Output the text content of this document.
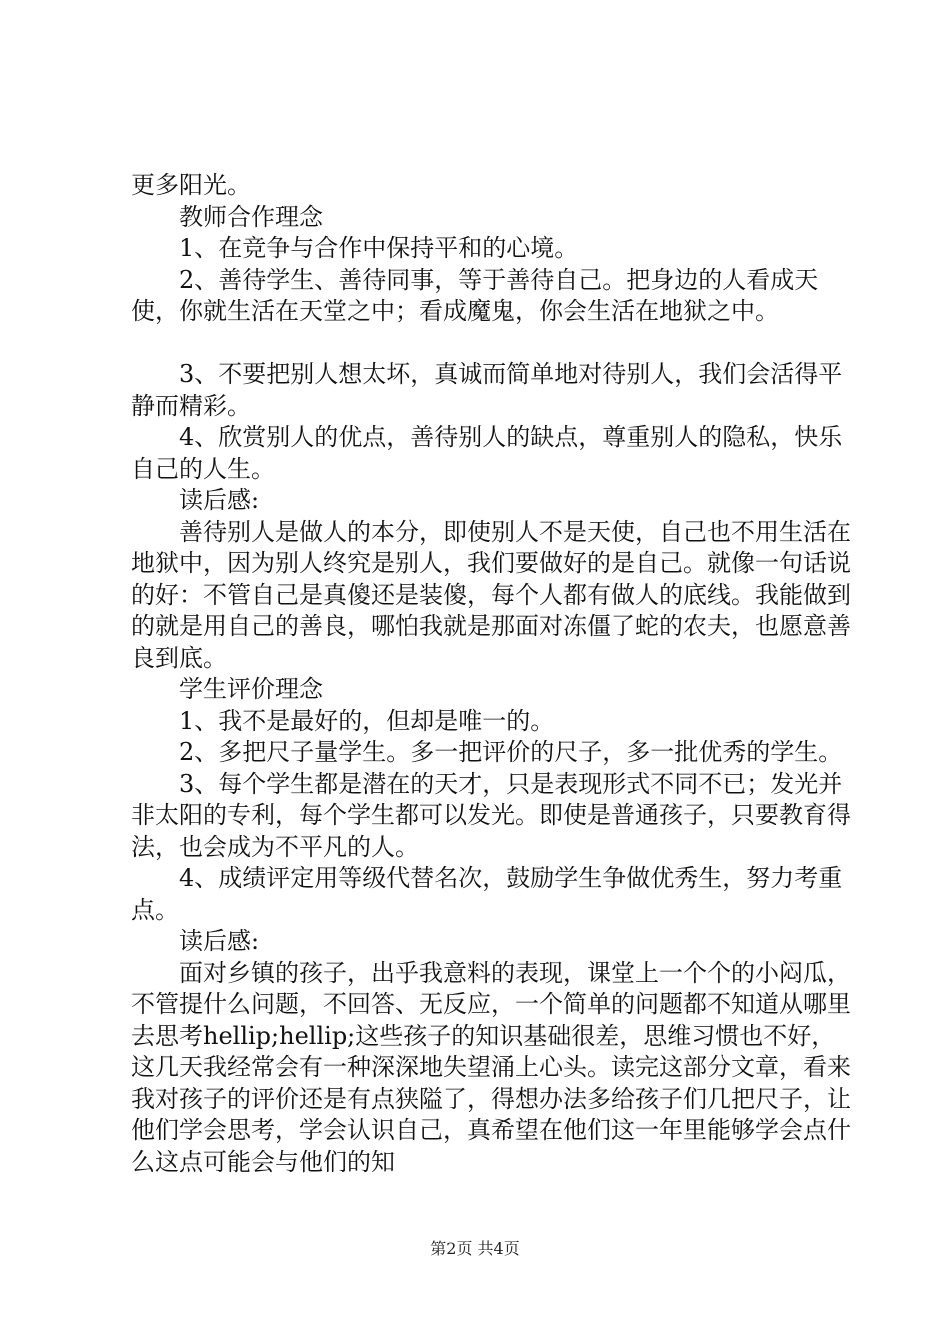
更多阳光。

教师合作理念

1、在竞争与合作中保持平和的心境。

2、善待学生、善待同事，等于善待自己。把身边的人看成天使，你就生活在天堂之中；看成魔鬼，你会生活在地狱之中。

3、不要把别人想太坏，真诚而简单地对待别人，我们会活得平静而精彩。

4、欣赏别人的优点，善待别人的缺点，尊重别人的隐私，快乐自己的人生。

读后感:

善待别人是做人的本分，即使别人不是天使，自己也不用生活在地狱中，因为别人终究是别人，我们要做好的是自己。就像一句话说的好：不管自己是真傻还是装傻，每个人都有做人的底线。我能做到的就是用自己的善良，哪怕我就是那面对冻僵了蛇的农夫，也愿意善良到底。

学生评价理念

1、我不是最好的，但却是唯一的。

2、多把尺子量学生。多一把评价的尺子，多一批优秀的学生。

3、每个学生都是潜在的天才，只是表现形式不同不已；发光并非太阳的专利，每个学生都可以发光。即使是普通孩子，只要教育得法，也会成为不平凡的人。

4、成绩评定用等级代替名次，鼓励学生争做优秀生，努力考重点。

读后感:

面对乡镇的孩子，出乎我意料的表现，课堂上一个个的小闷瓜，不管提什么问题，不回答、无反应，一个简单的问题都不知道从哪里去思考hellip;hellip;这些孩子的知识基础很差，思维习惯也不好，这几天我经常会有一种深深地失望涌上心头。读完这部分文章，看来我对孩子的评价还是有点狭隘了，得想办法多给孩子们几把尺子，让他们学会思考，学会认识自己，真希望在他们这一年里能够学会点什么这点可能会与他们的知

第2页 共4页
